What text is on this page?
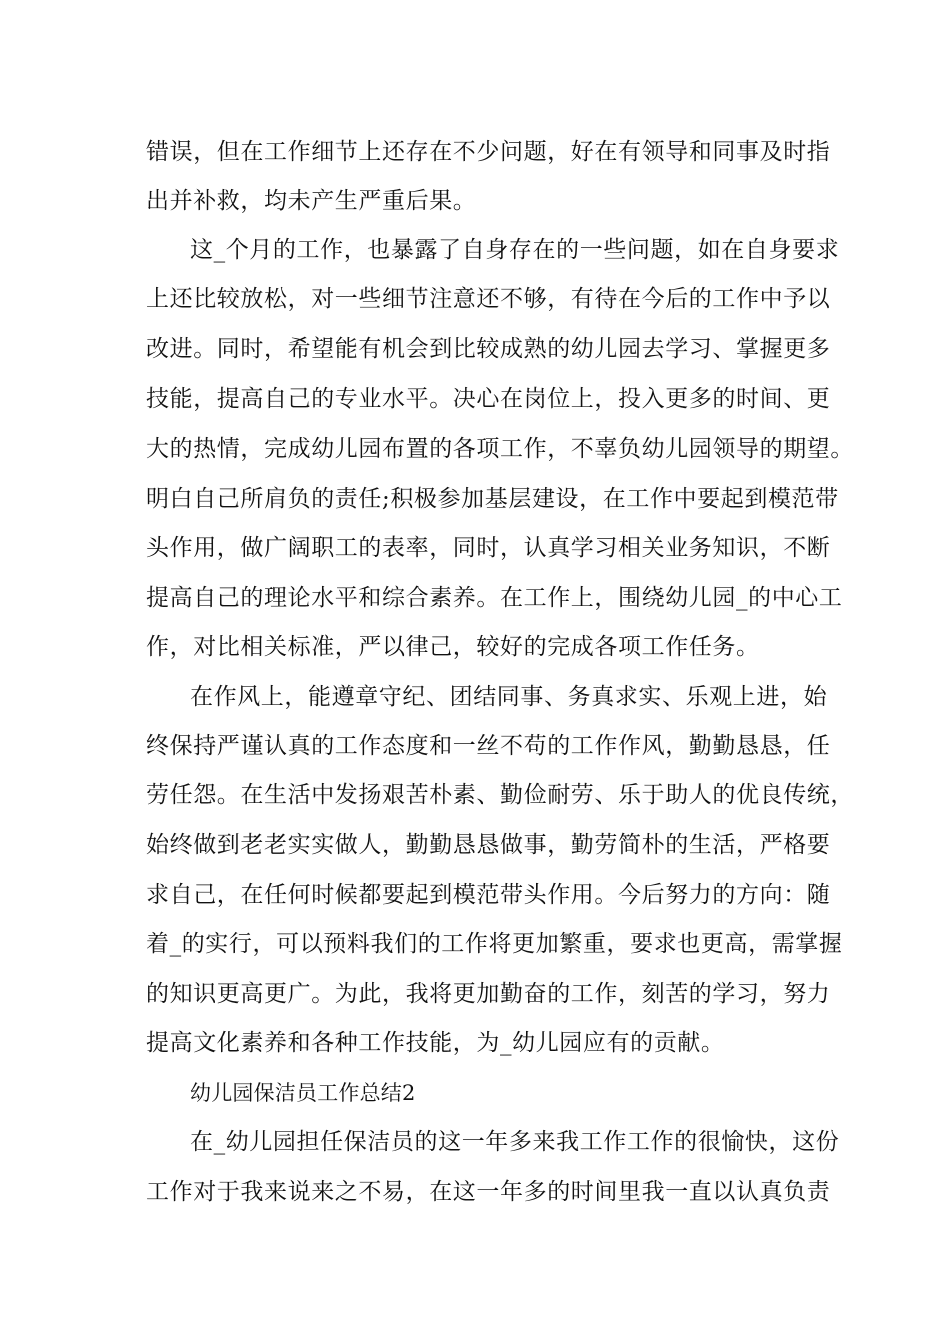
错误，但在工作细节上还存在不少问题，好在有领导和同事及时指
出并补救，均未产生严重后果。
这_个月的工作，也暴露了自身存在的一些问题，如在自身要求
上还比较放松，对一些细节注意还不够，有待在今后的工作中予以
改进。同时，希望能有机会到比较成熟的幼儿园去学习、掌握更多
技能，提高自己的专业水平。决心在岗位上，投入更多的时间、更
大的热情，完成幼儿园布置的各项工作，不辜负幼儿园领导的期望。
明白自己所肩负的责任;积极参加基层建设，在工作中要起到模范带
头作用，做广阔职工的表率，同时，认真学习相关业务知识，不断
提高自己的理论水平和综合素养。在工作上，围绕幼儿园_的中心工
作，对比相关标准，严以律己，较好的完成各项工作任务。
在作风上，能遵章守纪、团结同事、务真求实、乐观上进，始
终保持严谨认真的工作态度和一丝不苟的工作作风，勤勤恳恳，任
劳任怨。在生活中发扬艰苦朴素、勤俭耐劳、乐于助人的优良传统，
始终做到老老实实做人，勤勤恳恳做事，勤劳简朴的生活，严格要
求自己，在任何时候都要起到模范带头作用。今后努力的方向：随
着_的实行，可以预料我们的工作将更加繁重，要求也更高，需掌握
的知识更高更广。为此，我将更加勤奋的工作，刻苦的学习，努力
提高文化素养和各种工作技能，为_幼儿园应有的贡献。
幼儿园保洁员工作总结2
在_幼儿园担任保洁员的这一年多来我工作工作的很愉快，这份
工作对于我来说来之不易，在这一年多的时间里我一直以认真负责
